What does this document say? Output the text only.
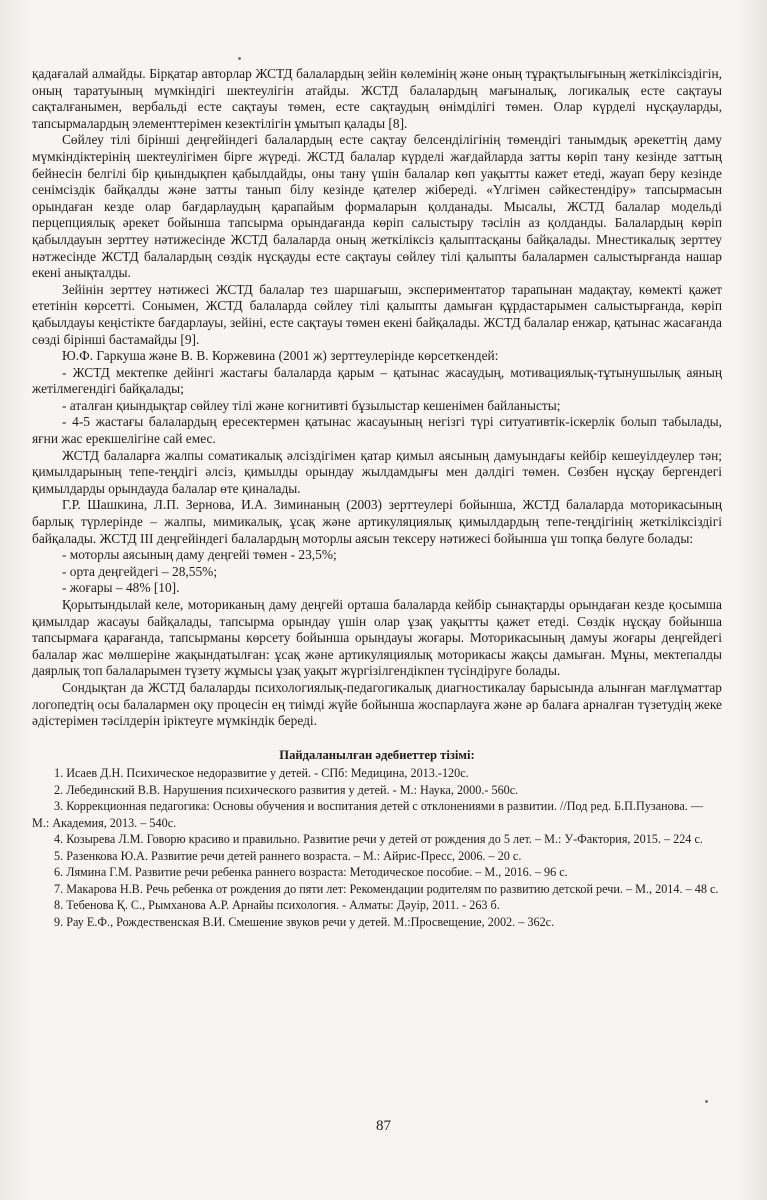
қадағалай алмайды. Бірқатар авторлар ЖСТД балалардың зейін көлемінің және оның тұрақтылығының жеткіліксіздігін, оның таратуының мүмкіндігі шектеулігін атайды. ЖСТД балалардың мағыналық, логикалық есте сақтауы сақталғанымен, вербальді есте сақтауы төмен, есте сақтаудың өнімділігі төмен. Олар күрделі нұсқауларды, тапсырмалардың элементтерімен кезектілігін ұмытып қалады [8].

Сөйлеу тілі бірінші деңгейіндегі балалардың есте сақтау белсенділігінің төмендігі танымдық әрекеттің даму мүмкіндіктерінің шектеулігімен бірге жүреді. ЖСТД балалар күрделі жағдайларда затты көріп тану кезінде заттың бейнесін белгілі бір қиындықпен қабылдайды, оны тану үшін балалар көп уақытты кажет етеді, жауап беру кезінде сенімсіздік байқалды және затты танып білу кезінде қателер жібереді. «Үлгімен сәйкестендіру» тапсырмасын орындаған кезде олар бағдарлаудың қарапайым формаларын қолданады. Мысалы, ЖСТД балалар модельді перцепциялық әрекет бойынша тапсырма орындағанда көріп салыстыру тәсілін аз қолданды. Балалардың көріп қабылдауын зерттеу нәтижесінде ЖСТД балаларда оның жеткіліксіз қалыптасқаны байқалады. Мнестикалық зерттеу нәтжесінде ЖСТД балалардың сөздік нұсқауды есте сақтауы сөйлеу тілі қалыпты балалармен салыстырғанда нашар екені анықталды.

Зейінін зерттеу нәтижесі ЖСТД балалар тез шаршағыш, экспериментатор тарапынан мадақтау, көмекті қажет ететінін көрсетті. Сонымен, ЖСТД балаларда сөйлеу тілі қалыпты дамыған құрдастарымен салыстырғанда, көріп қабылдауы кеңістікте бағдарлауы, зейіні, есте сақтауы төмен екені байқалады. ЖСТД балалар енжар, қатынас жасағанда сөзді бірінші бастамайды [9].

Ю.Ф. Гаркуша және В. В. Коржевина (2001 ж) зерттеулерінде көрсеткендей:

- ЖСТД мектепке дейінгі жастағы балаларда қарым – қатынас жасаудың, мотивациялық-тұтынушылық аяның жетілмегендігі байқалады;

- аталған қиындықтар сөйлеу тілі және когнитивті бұзылыстар кешенімен байланысты;

- 4-5 жастағы балалардың ересектермен қатынас жасауының негізгі түрі ситуативтік-іскерлік болып табылады, яғни жас ерекшелігіне сай емес.

ЖСТД балаларға жалпы соматикалық әлсіздігімен қатар қимыл аясының дамуындағы кейбір кешеуілдеулер тән; қимылдарының тепе-теңдігі әлсіз, қимылды орындау жылдамдығы мен дәлдігі төмен. Сөзбен нұсқау бергендегі қимылдарды орындауда балалар өте қиналады.

Г.Р. Шашкина, Л.П. Зернова, И.А. Зиминаның (2003) зерттеулері бойынша, ЖСТД балаларда моторикасының барлық түрлерінде – жалпы, мимикалық, ұсақ және артикуляциялық қимылдардың тепе-теңдігінің жеткіліксіздігі байқалады. ЖСТД ІІІ деңгейіндегі балалардың моторлы аясын тексеру нәтижесі бойынша үш топқа бөлуге болады:

- моторлы аясының даму деңгейі төмен - 23,5%;

- орта деңгейдегі – 28,55%;

- жоғары – 48% [10].

Қорытындылай келе, моториканың даму деңгейі орташа балаларда кейбір сынақтарды орындаған кезде қосымша қимылдар жасауы байқалады, тапсырма орындау үшін олар ұзақ уақытты қажет етеді. Сөздік нұсқау бойынша тапсырмаға қарағанда, тапсырманы көрсету бойынша орындауы жоғары. Моторикасының дамуы жоғары деңгейдегі балалар жас мөлшеріне жақындатылған: ұсақ және артикуляциялық моторикасы жақсы дамыған. Мұны, мектепалды даярлық топ балаларымен түзету жұмысы ұзақ уақыт жүргізілгендікпен түсіндіруге болады.

Сондықтан да ЖСТД балаларды психологиялық-педагогикалық диагностикалау барысында алынған мағлұматтар логопедтің осы балалармен оқу процесін ең тиімді жүйе бойынша жоспарлауға және әр балаға арналған түзетудің жеке әдістерімен тәсілдерін іріктеуге мүмкіндік береді.

Пайдаланылған әдебиеттер тізімі:

1. Исаев Д.Н. Психическое недоразвитие у детей. - СПб: Медицина, 2013.-120с.

2. Лебединский В.В. Нарушения психического развития у детей. - М.: Наука, 2000.- 560с.

3. Коррекционная педагогика: Основы обучения и воспитания детей с отклонениями в развитии. //Под ред. Б.П.Пузанова. — М.: Академия, 2013. – 540с.

4. Козырева Л.М. Говорю красиво и правильно. Развитие речи у детей от рождения до 5 лет. – М.: У-Фактория, 2015. – 224 с.

5. Разенкова Ю.А. Развитие речи детей раннего возраста. – М.: Айрис-Пресс, 2006. – 20 с.

6. Лямина Г.М. Развитие речи ребенка раннего возраста: Методическое пособие. – М., 2016. – 96 с.

7. Макарова Н.В. Речь ребенка от рождения до пяти лет: Рекомендации родителям по развитию детской речи. – М., 2014. – 48 с.

8. Тебенова Қ. С., Рымханова А.Р. Арнайы психология. - Алматы: Дәуір, 2011. - 263 б.

9. Рау Е.Ф., Рождественская В.И. Смешение звуков речи у детей. М.:Просвещение, 2002. – 362с.

87
